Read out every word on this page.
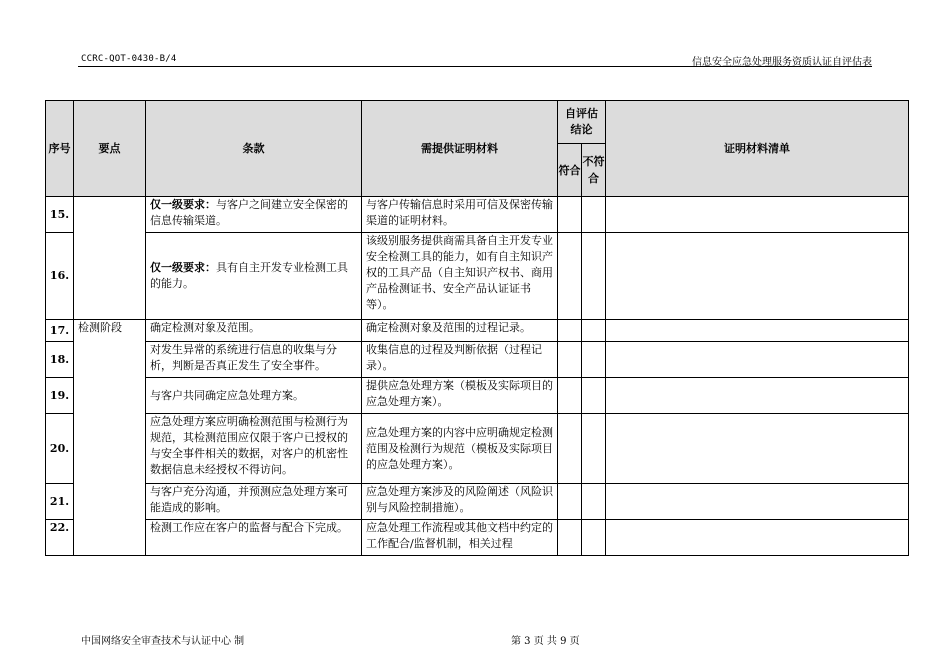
CCRC-QOT-0430-B/4	信息安全应急处理服务资质认证自评估表
序号	要点	条款	需提供证明材料	自评估结论		证明材料清单
				符合	不符合	
15.		仅一级要求：与客户之间建立安全保密的信息传输渠道。	与客户传输信息时采用可信及保密传输渠道的证明材料。			
16.		仅一级要求：具有自主开发专业检测工具的能力。	该级别服务提供商需具备自主开发专业安全检测工具的能力，如有自主知识产权的工具产品（自主知识产权书、商用产品检测证书、安全产品认证证书等）。			
17.	检测阶段	确定检测对象及范围。	确定检测对象及范围的过程记录。			
18.		对发生异常的系统进行信息的收集与分析，判断是否真正发生了安全事件。	收集信息的过程及判断依据（过程记录）。			
19.		与客户共同确定应急处理方案。	提供应急处理方案（模板及实际项目的应急处理方案）。			
20.		应急处理方案应明确检测范围与检测行为规范，其检测范围应仅限于客户已授权的与安全事件相关的数据，对客户的机密性数据信息未经授权不得访问。	应急处理方案的内容中应明确规定检测范围及检测行为规范（模板及实际项目的应急处理方案）。			
21.		与客户充分沟通，并预测应急处理方案可能造成的影响。	应急处理方案涉及的风险阐述（风险识别与风险控制措施）。			
22.		检测工作应在客户的监督与配合下完成。	应急处理工作流程或其他文档中约定的工作配合/监督机制，相关过程			
中国网络安全审查技术与认证中心 制	第 3 页 共 9 页
